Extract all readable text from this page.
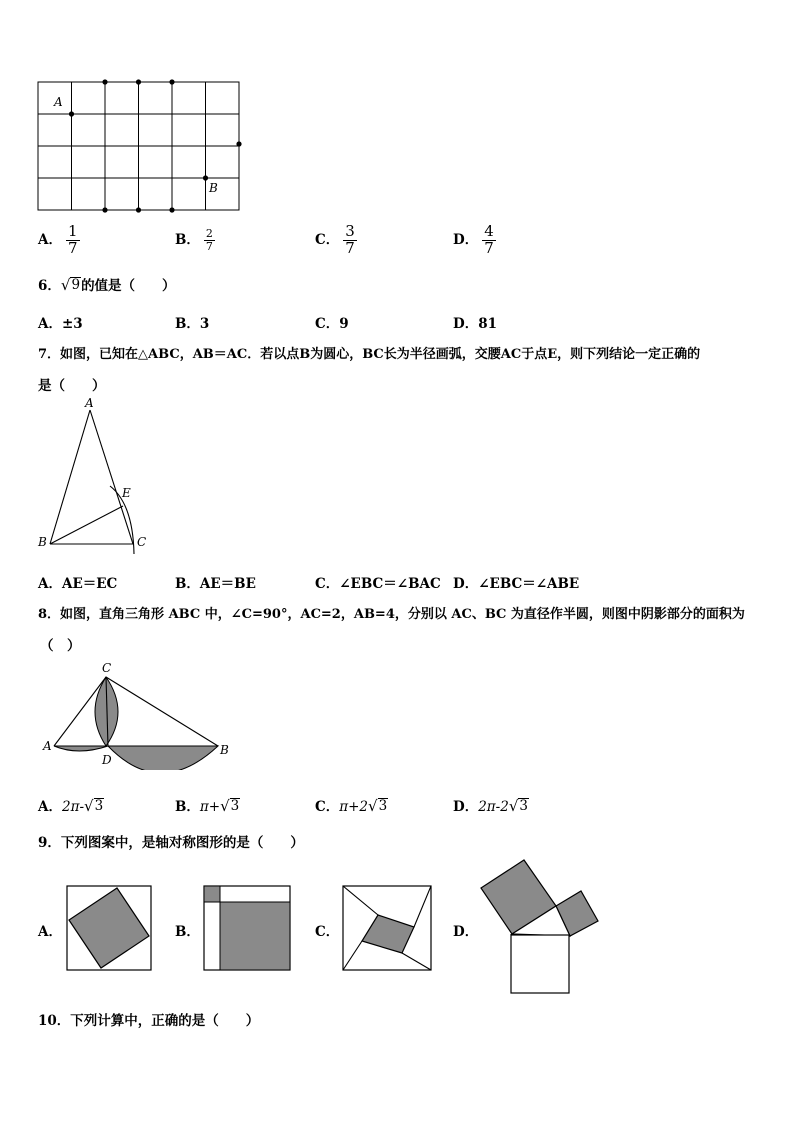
A
B
A． $\frac{1}{7}$	B． $\frac{2}{7}$	C． $\frac{3}{7}$	D． $\frac{4}{7}$
6． √ 9 的值是（　　）
A．±3	B．3	C．9	D．81
7．如图，已知在△ABC，AB＝AC．若以点B为圆心，BC长为半径画弧，交腰AC于点E，则下列结论一定正确的
是（　　）
A
B	C
E
A．AE＝EC	B．AE＝BE	C．∠EBC＝∠BAC D．∠EBC＝∠ABE
8．如图，直角三角形 ABC 中，∠C=90°，AC=2，AB=4，分别以 AC、BC 为直径作半圆，则图中阴影部分的面积为
（　）
C
A	B
D
A．2π- √ 3	B．π+ √ 3	C．π+2 √ 3	D．2π-2 √ 3
9．下列图案中，是轴对称图形的是（　　）
A．	B．	C．	D．
10．下列计算中，正确的是（　　）
